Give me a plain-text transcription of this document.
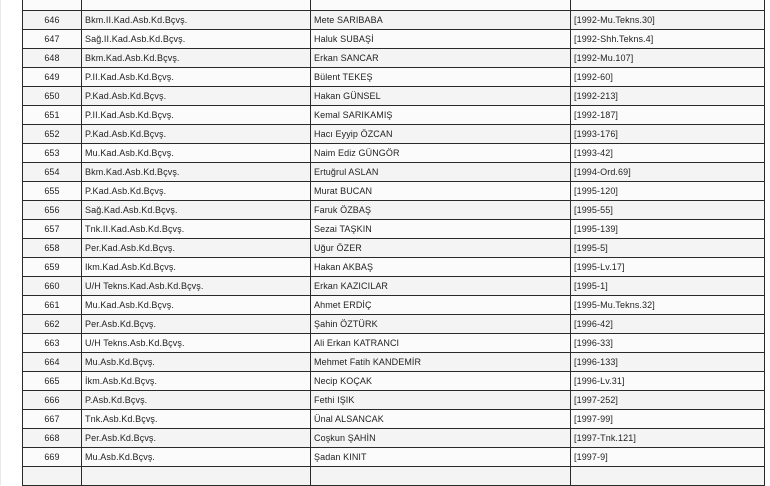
646	Bkm.II.Kad.Asb.Kd.Bçvş.	Mete SARIBABA	[1992-Mu.Tekns.30]
647	Sağ.II.Kad.Asb.Kd.Bçvş.	Haluk SUBAŞİ	[1992-Shh.Tekns.4]
648	Bkm.Kad.Asb.Kd.Bçvş.	Erkan SANCAR	[1992-Mu.107]
649	P.II.Kad.Asb.Kd.Bçvş.	Bülent TEKEŞ	[1992-60]
650	P.Kad.Asb.Kd.Bçvş.	Hakan GÜNSEL	[1992-213]
651	P.II.Kad.Asb.Kd.Bçvş.	Kemal SARIKAMIŞ	[1992-187]
652	P.Kad.Asb.Kd.Bçvş.	Hacı Eyyip ÖZCAN	[1993-176]
653	Mu.Kad.Asb.Kd.Bçvş.	Naim Ediz GÜNGÖR	[1993-42]
654	Bkm.Kad.Asb.Kd.Bçvş.	Ertuğrul ASLAN	[1994-Ord.69]
655	P.Kad.Asb.Kd.Bçvş.	Murat BUCAN	[1995-120]
656	Sağ.Kad.Asb.Kd.Bçvş.	Faruk ÖZBAŞ	[1995-55]
657	Tnk.II.Kad.Asb.Kd.Bçvş.	Sezai TAŞKIN	[1995-139]
658	Per.Kad.Asb.Kd.Bçvş.	Uğur ÖZER	[1995-5]
659	Ikm.Kad.Asb.Kd.Bçvş.	Hakan AKBAŞ	[1995-Lv.17]
660	U/H Tekns.Kad.Asb.Kd.Bçvş.	Erkan KAZICILAR	[1995-1]
661	Mu.Kad.Asb.Kd.Bçvş.	Ahmet ERDİÇ	[1995-Mu.Tekns.32]
662	Per.Asb.Kd.Bçvş.	Şahin ÖZTÜRK	[1996-42]
663	U/H Tekns.Asb.Kd.Bçvş.	Ali Erkan KATRANCI	[1996-33]
664	Mu.Asb.Kd.Bçvş.	Mehmet Fatih KANDEMİR	[1996-133]
665	İkm.Asb.Kd.Bçvş.	Necip KOÇAK	[1996-Lv.31]
666	P.Asb.Kd.Bçvş.	Fethi IŞIK	[1997-252]
667	Tnk.Asb.Kd.Bçvş.	Ünal ALSANCAK	[1997-99]
668	Per.Asb.Kd.Bçvş.	Coşkun ŞAHİN	[1997-Tnk.121]
669	Mu.Asb.Kd.Bçvş.	Şadan KINIT	[1997-9]
